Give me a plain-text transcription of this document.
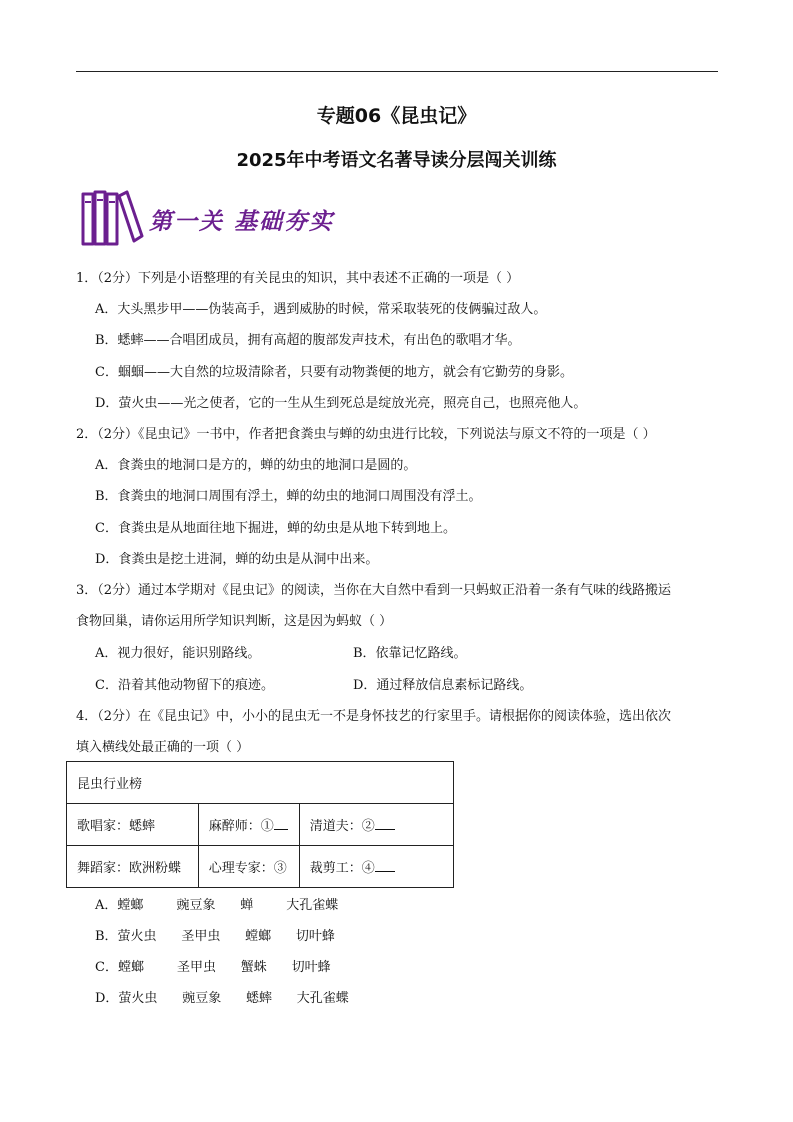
专题06《昆虫记》
2025年中考语文名著导读分层闯关训练
第一关 基础夯实
1．（2分）下列是小语整理的有关昆虫的知识，其中表述不正确的一项是（ ）
A．大头黑步甲——伪装高手，遇到威胁的时候，常采取装死的伎俩骗过敌人。
B．蟋蟀——合唱团成员，拥有高超的腹部发声技术，有出色的歌唱才华。
C．蝈蝈——大自然的垃圾清除者，只要有动物粪便的地方，就会有它勤劳的身影。
D．萤火虫——光之使者，它的一生从生到死总是绽放光亮，照亮自己，也照亮他人。
2．（2分）《昆虫记》一书中，作者把食粪虫与蝉的幼虫进行比较，下列说法与原文不符的一项是（ ）
A．食粪虫的地洞口是方的，蝉的幼虫的地洞口是圆的。
B．食粪虫的地洞口周围有浮土，蝉的幼虫的地洞口周围没有浮土。
C．食粪虫是从地面往地下掘进，蝉的幼虫是从地下转到地上。
D．食粪虫是挖土进洞，蝉的幼虫是从洞中出来。
3．（2分）通过本学期对《昆虫记》的阅读，当你在大自然中看到一只蚂蚁正沿着一条有气味的线路搬运
食物回巢，请你运用所学知识判断，这是因为蚂蚁（ ）
A．视力很好，能识别路线。	B．依靠记忆路线。
C．沿着其他动物留下的痕迹。	D．通过释放信息素标记路线。
4．（2分）在《昆虫记》中，小小的昆虫无一不是身怀技艺的行家里手。请根据你的阅读体验，选出依次
填入横线处最正确的一项（ ）
昆虫行业榜		
歌唱家：蟋蟀	麻醉师：①	清道夫：②
舞蹈家：欧洲粉蝶	心理专家：③	裁剪工：④
A．螳螂        豌豆象      蝉        大孔雀蝶
B．萤火虫      圣甲虫      螳螂      切叶蜂
C．螳螂        圣甲虫      蟹蛛      切叶蜂
D．萤火虫      豌豆象      蟋蟀      大孔雀蝶
